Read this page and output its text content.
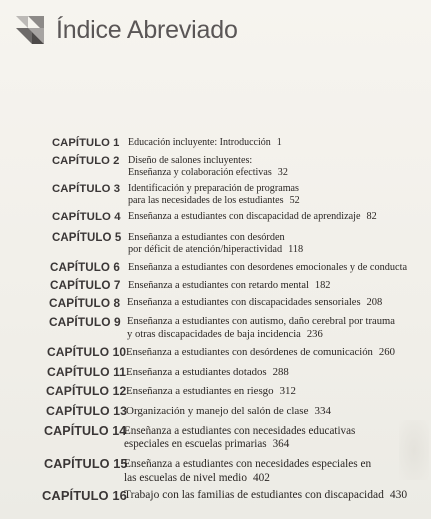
Índice Abreviado
CAPÍTULO 1 Educación incluyente: Introducción 1
CAPÍTULO 2 Diseño de salones incluyentes:
Enseñanza y colaboración efectivas 32
CAPÍTULO 3 Identificación y preparación de programas
para las necesidades de los estudiantes 52
CAPÍTULO 4 Enseñanza a estudiantes con discapacidad de aprendizaje 82
CAPÍTULO 5 Enseñanza a estudiantes con desórden
por déficit de atención/hiperactividad 118
CAPÍTULO 6 Enseñanza a estudiantes con desordenes emocionales y de conducta
CAPÍTULO 7 Enseñanza a estudiantes con retardo mental 182
CAPÍTULO 8 Enseñanza a estudiantes con discapacidades sensoriales 208
CAPÍTULO 9 Enseñanza a estudiantes con autismo, daño cerebral por trauma
y otras discapacidades de baja incidencia 236
CAPÍTULO 10 Enseñanza a estudiantes con desórdenes de comunicación 260
CAPÍTULO 11 Enseñanza a estudiantes dotados 288
CAPÍTULO 12 Enseñanza a estudiantes en riesgo 312
CAPÍTULO 13
Organización y manejo del salón de clase 334
CAPÍTULO 14
Enseñanza a estudiantes con necesidades educativas
especiales en escuelas primarias 364
CAPÍTULO 15
Enseñanza a estudiantes con necesidades especiales en
las escuelas de nivel medio 402
CAPÍTULO 16
Trabajo con las familias de estudiantes con discapacidad 430
